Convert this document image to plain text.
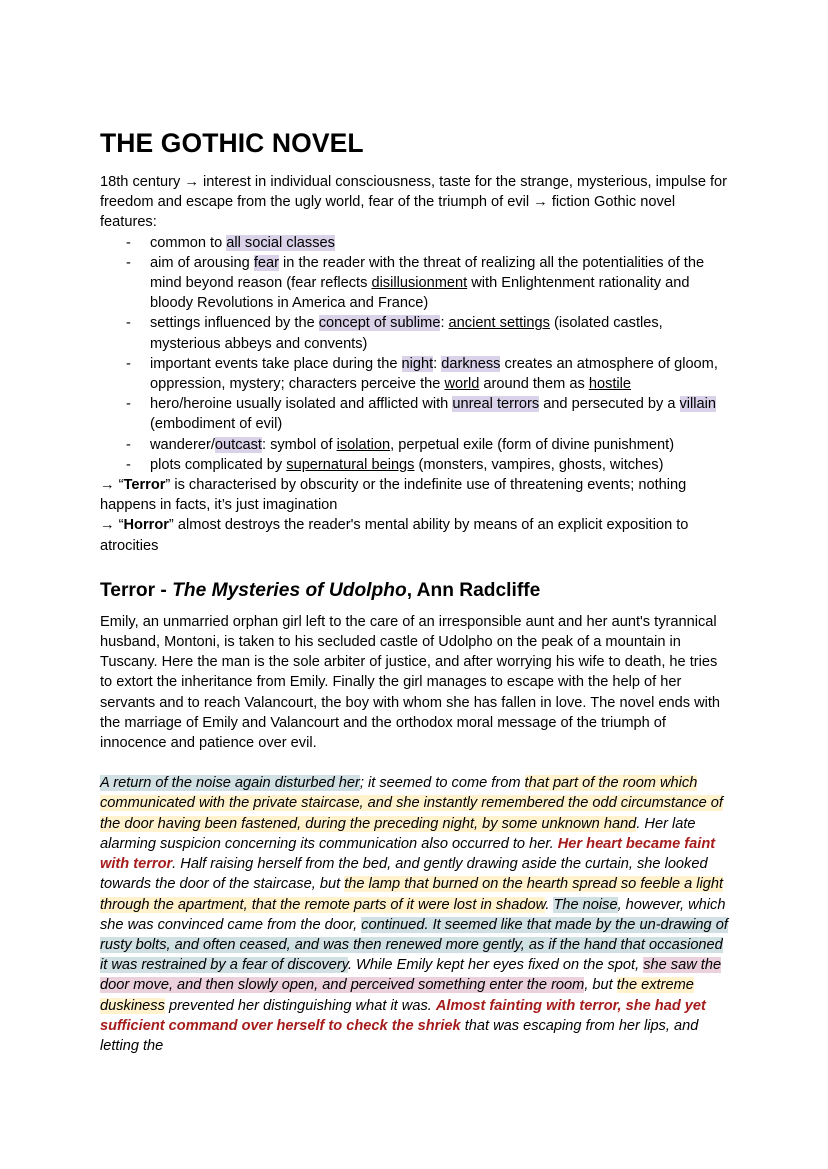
THE GOTHIC NOVEL

18th century → interest in individual consciousness, taste for the strange, mysterious, impulse for freedom and escape from the ugly world, fear of the triumph of evil → fiction Gothic novel features:

- common to all social classes
- aim of arousing fear in the reader with the threat of realizing all the potentialities of the mind beyond reason (fear reflects disillusionment with Enlightenment rationality and bloody Revolutions in America and France)
- settings influenced by the concept of sublime: ancient settings (isolated castles, mysterious abbeys and convents)
- important events take place during the night: darkness creates an atmosphere of gloom, oppression, mystery; characters perceive the world around them as hostile
- hero/heroine usually isolated and afflicted with unreal terrors and persecuted by a villain (embodiment of evil)
- wanderer/outcast: symbol of isolation, perpetual exile (form of divine punishment)
- plots complicated by supernatural beings (monsters, vampires, ghosts, witches)

→ “Terror” is characterised by obscurity or the indefinite use of threatening events; nothing happens in facts, it’s just imagination

→ “Horror” almost destroys the reader's mental ability by means of an explicit exposition to atrocities

Terror - The Mysteries of Udolpho, Ann Radcliffe

Emily, an unmarried orphan girl left to the care of an irresponsible aunt and her aunt's tyrannical husband, Montoni, is taken to his secluded castle of Udolpho on the peak of a mountain in Tuscany. Here the man is the sole arbiter of justice, and after worrying his wife to death, he tries to extort the inheritance from Emily. Finally the girl manages to escape with the help of her servants and to reach Valancourt, the boy with whom she has fallen in love. The novel ends with the marriage of Emily and Valancourt and the orthodox moral message of the triumph of innocence and patience over evil.

A return of the noise again disturbed her; it seemed to come from that part of the room which communicated with the private staircase, and she instantly remembered the odd circumstance of the door having been fastened, during the preceding night, by some unknown hand. Her late alarming suspicion concerning its communication also occurred to her. Her heart became faint with terror. Half raising herself from the bed, and gently drawing aside the curtain, she looked towards the door of the staircase, but the lamp that burned on the hearth spread so feeble a light through the apartment, that the remote parts of it were lost in shadow. The noise, however, which she was convinced came from the door, continued. It seemed like that made by the un-drawing of rusty bolts, and often ceased, and was then renewed more gently, as if the hand that occasioned it was restrained by a fear of discovery. While Emily kept her eyes fixed on the spot, she saw the door move, and then slowly open, and perceived something enter the room, but the extreme duskiness prevented her distinguishing what it was. Almost fainting with terror, she had yet sufficient command over herself to check the shriek that was escaping from her lips, and letting the
